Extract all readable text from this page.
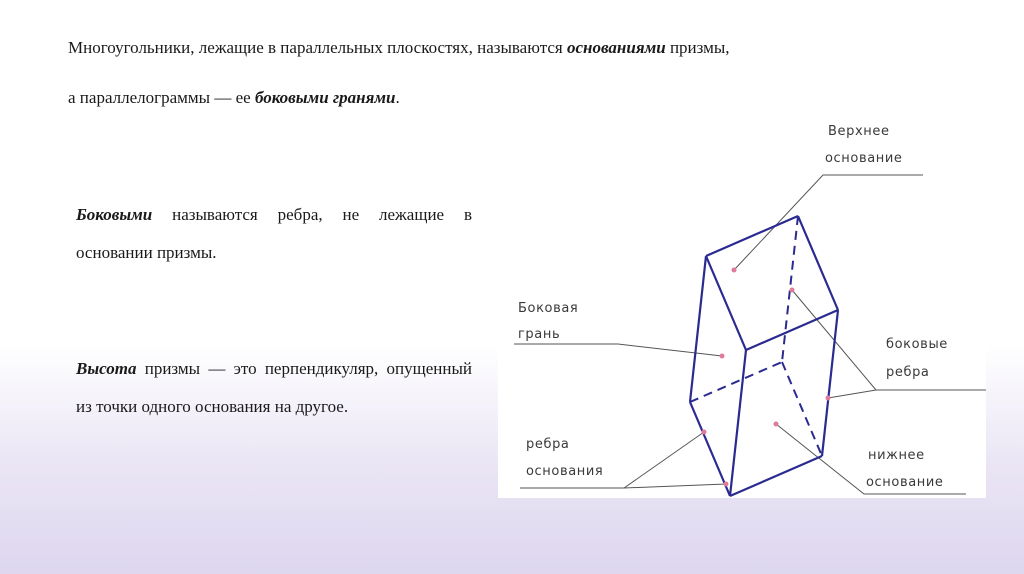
Многоугольники, лежащие в параллельных плоскостях, называются основаниями призмы,
а параллелограммы — ее боковыми гранями.
Боковыми называются ребра, не лежащие в основании призмы.
Высота призмы — это перпендикуляр, опущенный из точки одного основания на другое.
Верхнее
основание
Боковая
грань
боковые
ребра
ребра
основания
нижнее
основание
